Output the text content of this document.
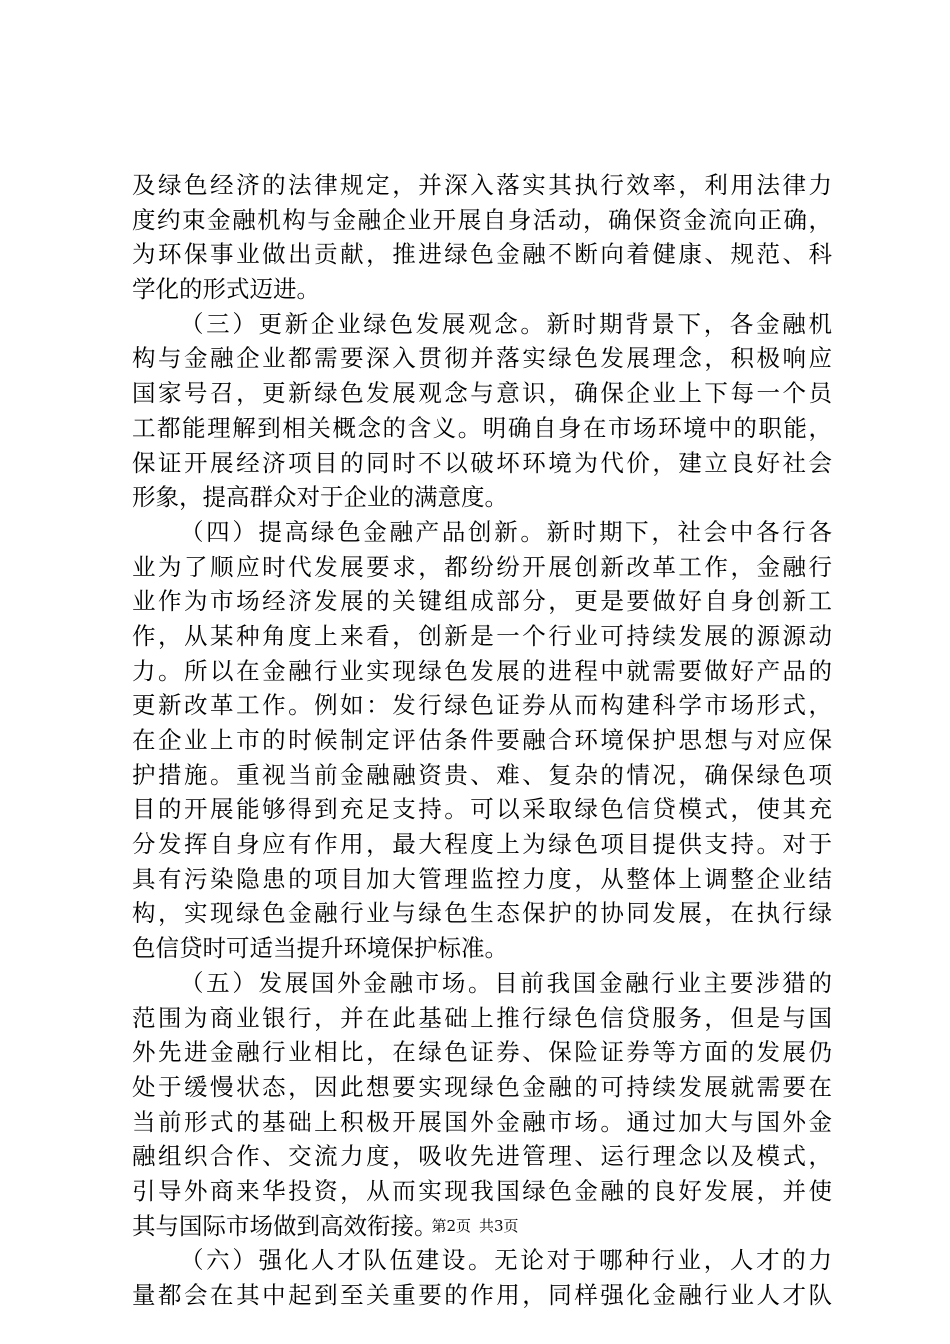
及绿色经济的法律规定，并深入落实其执行效率，利用法律力
度约束金融机构与金融企业开展自身活动，确保资金流向正确，
为环保事业做出贡献，推进绿色金融不断向着健康、规范、科
学化的形式迈进。
（三）更新企业绿色发展观念。新时期背景下，各金融机
构与金融企业都需要深入贯彻并落实绿色发展理念，积极响应
国家号召，更新绿色发展观念与意识，确保企业上下每一个员
工都能理解到相关概念的含义。明确自身在市场环境中的职能，
保证开展经济项目的同时不以破坏环境为代价，建立良好社会
形象，提高群众对于企业的满意度。
（四）提高绿色金融产品创新。新时期下，社会中各行各
业为了顺应时代发展要求，都纷纷开展创新改革工作，金融行
业作为市场经济发展的关键组成部分，更是要做好自身创新工
作，从某种角度上来看，创新是一个行业可持续发展的源源动
力。所以在金融行业实现绿色发展的进程中就需要做好产品的
更新改革工作。例如：发行绿色证券从而构建科学市场形式，
在企业上市的时候制定评估条件要融合环境保护思想与对应保
护措施。重视当前金融融资贵、难、复杂的情况，确保绿色项
目的开展能够得到充足支持。可以采取绿色信贷模式，使其充
分发挥自身应有作用，最大程度上为绿色项目提供支持。对于
具有污染隐患的项目加大管理监控力度，从整体上调整企业结
构，实现绿色金融行业与绿色生态保护的协同发展，在执行绿
色信贷时可适当提升环境保护标准。
（五）发展国外金融市场。目前我国金融行业主要涉猎的
范围为商业银行，并在此基础上推行绿色信贷服务，但是与国
外先进金融行业相比，在绿色证券、保险证券等方面的发展仍
处于缓慢状态，因此想要实现绿色金融的可持续发展就需要在
当前形式的基础上积极开展国外金融市场。通过加大与国外金
融组织合作、交流力度，吸收先进管理、运行理念以及模式，
引导外商来华投资，从而实现我国绿色金融的良好发展，并使
其与国际市场做到高效衔接。
（六）强化人才队伍建设。无论对于哪种行业，人才的力
量都会在其中起到至关重要的作用，同样强化金融行业人才队
第2页 共3页
